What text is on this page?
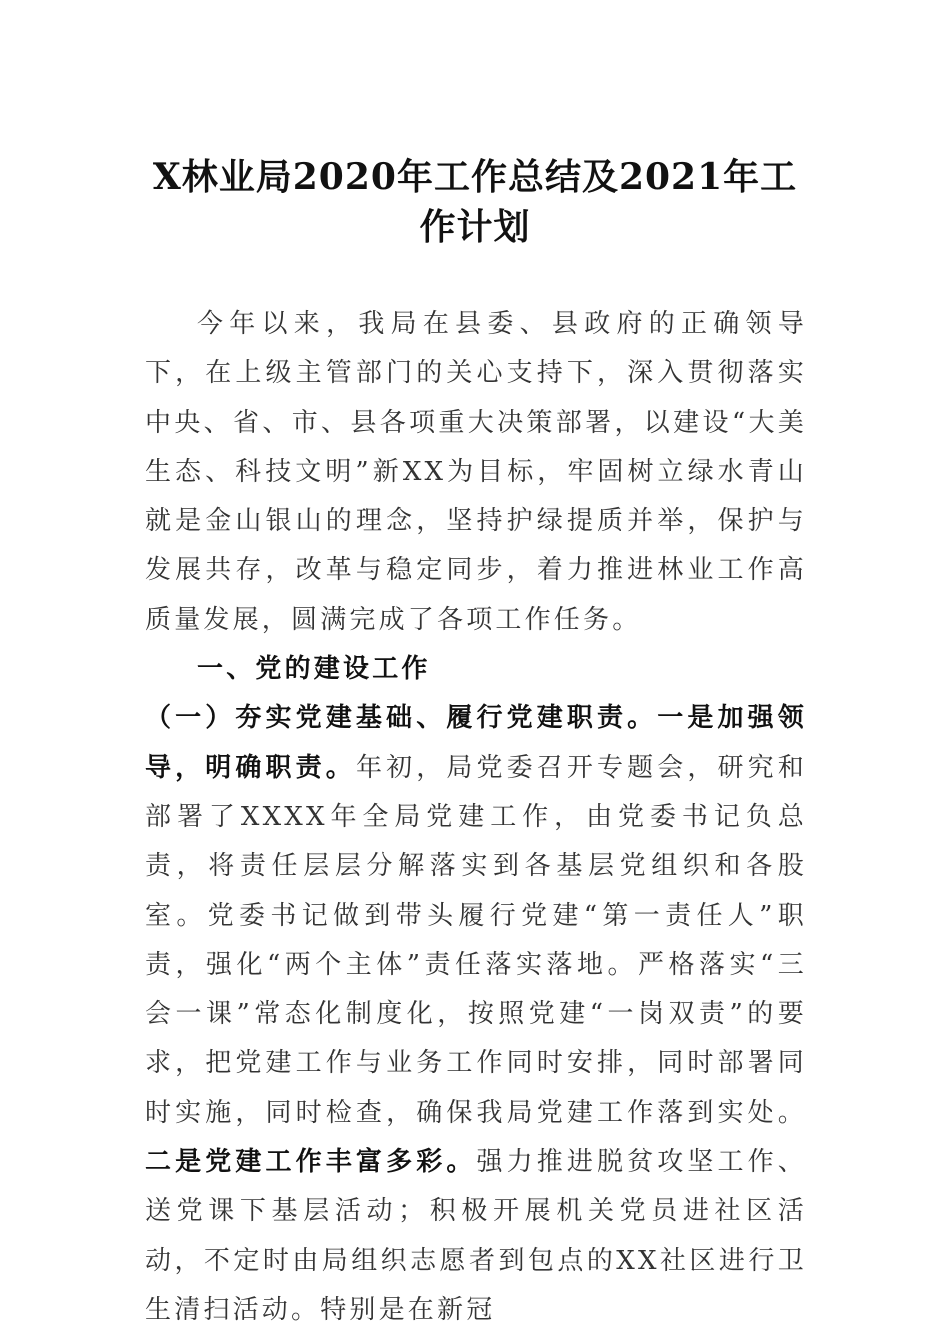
X林业局2020年工作总结及2021年工作计划

今年以来，我局在县委、县政府的正确领导下，在上级主管部门的关心支持下，深入贯彻落实中央、省、市、县各项重大决策部署，以建设“大美生态、科技文明”新XX为目标，牢固树立绿水青山就是金山银山的理念，坚持护绿提质并举，保护与发展共存，改革与稳定同步，着力推进林业工作高质量发展，圆满完成了各项工作任务。

一、党的建设工作

（一）夯实党建基础、履行党建职责。一是加强领导，明确职责。年初，局党委召开专题会，研究和部署了XXXX年全局党建工作，由党委书记负总责，将责任层层分解落实到各基层党组织和各股室。党委书记做到带头履行党建“第一责任人”职责，强化“两个主体”责任落实落地。严格落实“三会一课”常态化制度化，按照党建“一岗双责”的要求，把党建工作与业务工作同时安排，同时部署同时实施，同时检查，确保我局党建工作落到实处。二是党建工作丰富多彩。强力推进脱贫攻坚工作、送党课下基层活动；积极开展机关党员进社区活动，不定时由局组织志愿者到包点的XX社区进行卫生清扫活动。特别是在新冠
